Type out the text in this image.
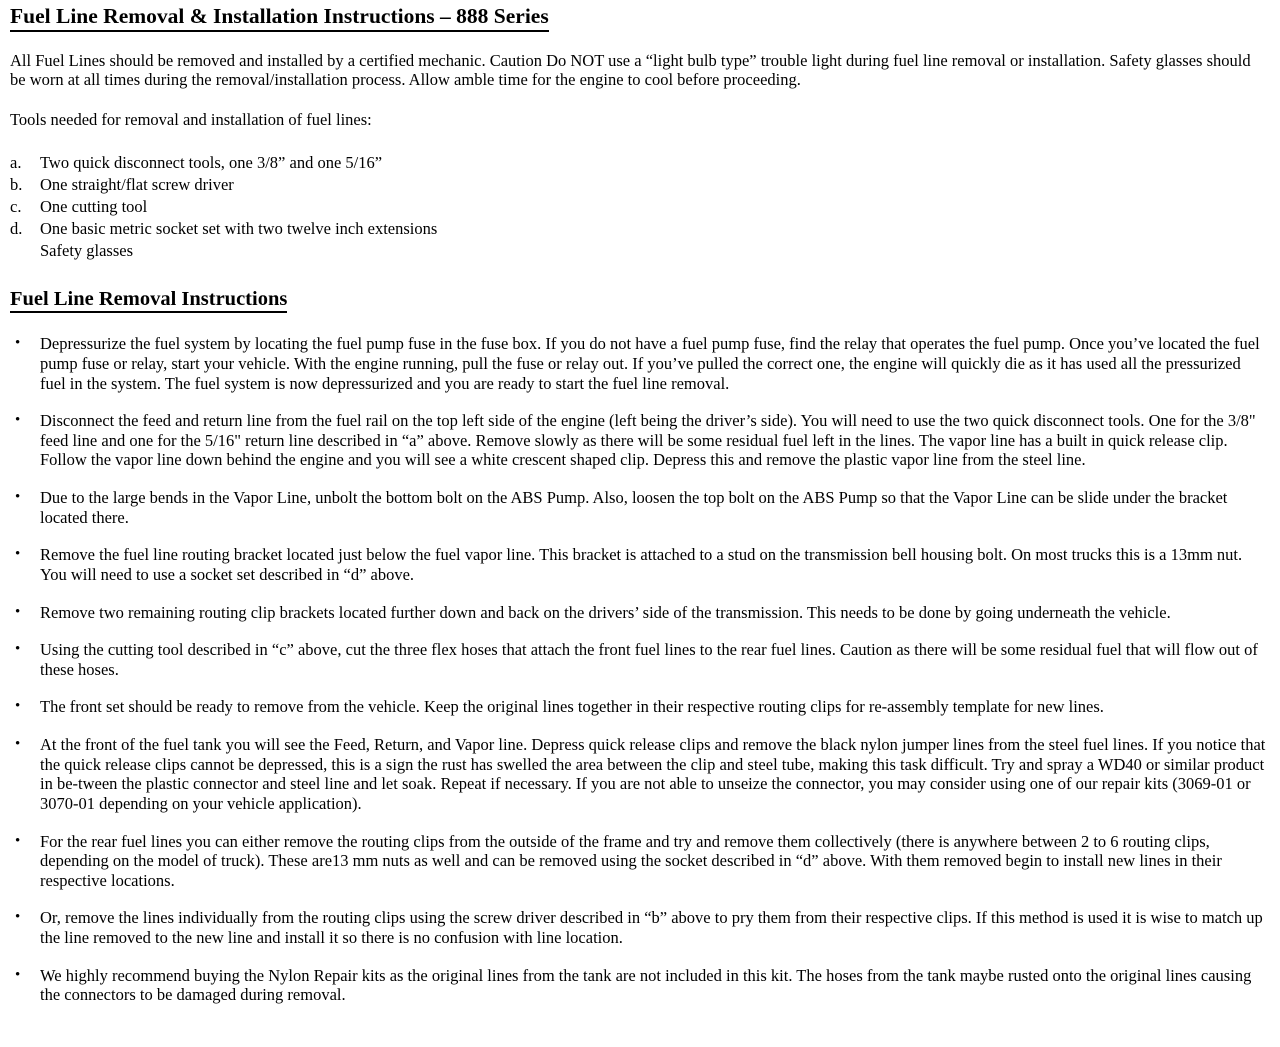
Fuel Line Removal & Installation Instructions – 888 Series

All Fuel Lines should be removed and installed by a certified mechanic. Caution Do NOT use a “light bulb type” trouble light during fuel line removal or installation. Safety glasses should be worn at all times during the removal/installation process. Allow amble time for the engine to cool before proceeding.

Tools needed for removal and installation of fuel lines:

a.	Two quick disconnect tools, one 3/8” and one 5/16”
b.	One straight/flat screw driver
c.	One cutting tool
d.	One basic metric socket set with two twelve inch extensions
Safety glasses
Fuel Line Removal Instructions
• Depressurize the fuel system by locating the fuel pump fuse in the fuse box. If you do not have a fuel pump fuse, find the relay that operates the fuel pump. Once you’ve located the fuel pump fuse or relay, start your vehicle. With the engine running, pull the fuse or relay out. If you’ve pulled the correct one, the engine will quickly die as it has used all the pressurized fuel in the system. The fuel system is now depressurized and you are ready to start the fuel line removal.
• Disconnect the feed and return line from the fuel rail on the top left side of the engine (left being the driver’s side). You will need to use the two quick disconnect tools. One for the 3/8" feed line and one for the 5/16" return line described in “a” above. Remove slowly as there will be some residual fuel left in the lines. The vapor line has a built in quick release clip. Follow the vapor line down behind the engine and you will see a white crescent shaped clip. Depress this and remove the plastic vapor line from the steel line.
• Due to the large bends in the Vapor Line, unbolt the bottom bolt on the ABS Pump. Also, loosen the top bolt on the ABS Pump so that the Vapor Line can be slide under the bracket located there.
• Remove the fuel line routing bracket located just below the fuel vapor line. This bracket is attached to a stud on the transmission bell housing bolt. On most trucks this is a 13mm nut. You will need to use a socket set described in “d” above.
• Remove two remaining routing clip brackets located further down and back on the drivers’ side of the transmission. This needs to be done by going underneath the vehicle.
• Using the cutting tool described in “c” above, cut the three flex hoses that attach the front fuel lines to the rear fuel lines. Caution as there will be some residual fuel that will flow out of these hoses.
• The front set should be ready to remove from the vehicle. Keep the original lines together in their respective routing clips for re-assembly template for new lines.
• At the front of the fuel tank you will see the Feed, Return, and Vapor line. Depress quick release clips and remove the black nylon jumper lines from the steel fuel lines. If you notice that the quick release clips cannot be depressed, this is a sign the rust has swelled the area between the clip and steel tube, making this task difficult. Try and spray a WD40 or similar product in be-tween the plastic connector and steel line and let soak. Repeat if necessary. If you are not able to unseize the connector, you may consider using one of our repair kits (3069-01 or 3070-01 depending on your vehicle application).
• For the rear fuel lines you can either remove the routing clips from the outside of the frame and try and remove them collectively (there is anywhere between 2 to 6 routing clips, depending on the model of truck). These are13 mm nuts as well and can be removed using the socket described in “d” above. With them removed begin to install new lines in their respective locations.
• Or, remove the lines individually from the routing clips using the screw driver described in “b” above to pry them from their respective clips. If this method is used it is wise to match up the line removed to the new line and install it so there is no confusion with line location.
• We highly recommend buying the Nylon Repair kits as the original lines from the tank are not included in this kit. The hoses from the tank maybe rusted onto the original lines causing the connectors to be damaged during removal.
